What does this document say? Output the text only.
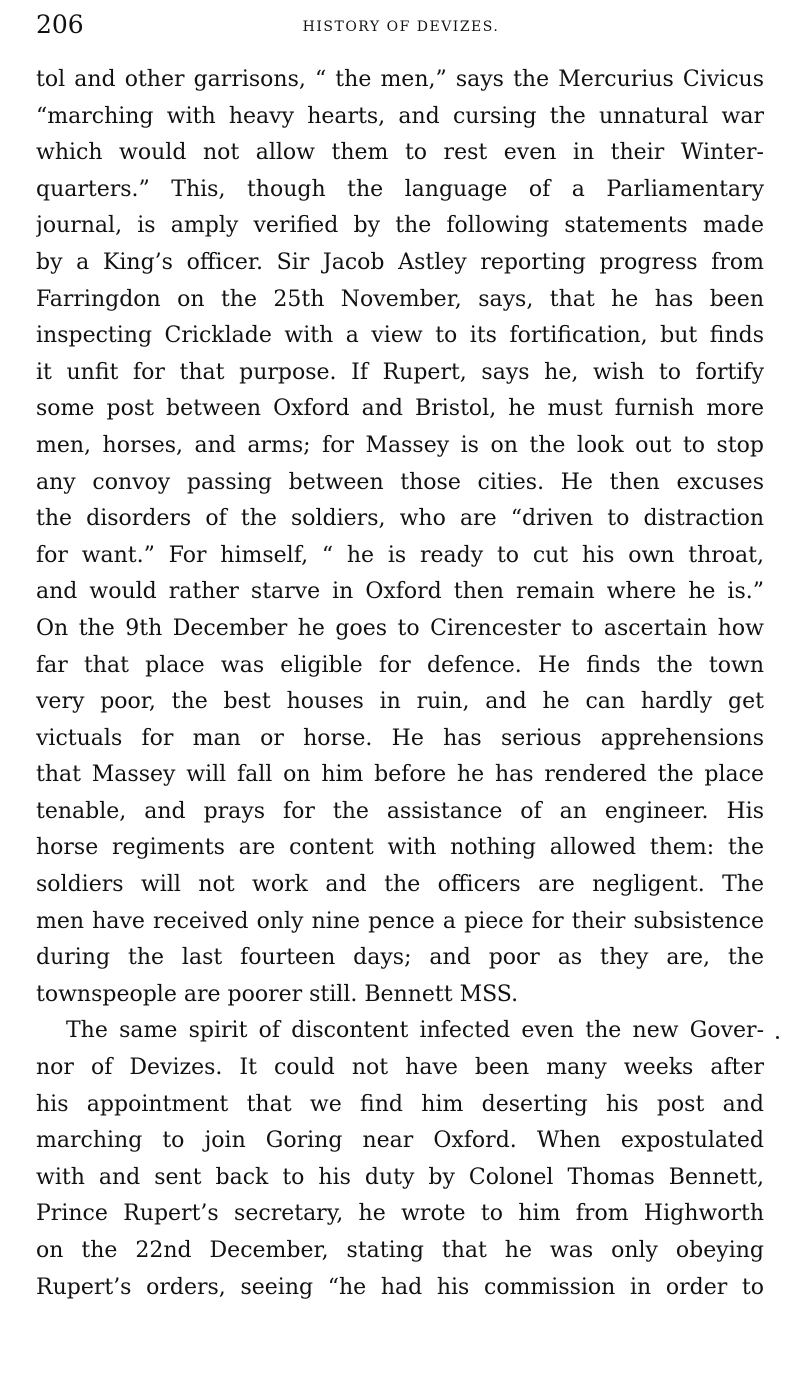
206	HISTORY OF DEVIZES.
tol and other garrisons, “ the men,” says the Mercurius Civicus
“marching with heavy hearts, and cursing the unnatural war
which would not allow them to rest even in their Winter-
quarters.” This, though the language of a Parliamentary
journal, is amply verified by the following statements made
by a King’s officer. Sir Jacob Astley reporting progress from
Farringdon on the 25th November, says, that he has been
inspecting Cricklade with a view to its fortification, but finds
it unfit for that purpose. If Rupert, says he, wish to fortify
some post between Oxford and Bristol, he must furnish more
men, horses, and arms; for Massey is on the look out to stop
any convoy passing between those cities. He then excuses
the disorders of the soldiers, who are “driven to distraction
for want.” For himself, “ he is ready to cut his own throat,
and would rather starve in Oxford then remain where he is.”
On the 9th December he goes to Cirencester to ascertain how
far that place was eligible for defence. He finds the town
very poor, the best houses in ruin, and he can hardly get
victuals for man or horse. He has serious apprehensions
that Massey will fall on him before he has rendered the place
tenable, and prays for the assistance of an engineer. His
horse regiments are content with nothing allowed them: the
soldiers will not work and the officers are negligent. The
men have received only nine pence a piece for their subsistence
during the last fourteen days; and poor as they are, the
townspeople are poorer still. Bennett MSS.
The same spirit of discontent infected even the new Gover-
nor of Devizes. It could not have been many weeks after
his appointment that we find him deserting his post and
marching to join Goring near Oxford. When expostulated
with and sent back to his duty by Colonel Thomas Bennett,
Prince Rupert’s secretary, he wrote to him from Highworth
on the 22nd December, stating that he was only obeying
Rupert’s orders, seeing “he had his commission in order to
